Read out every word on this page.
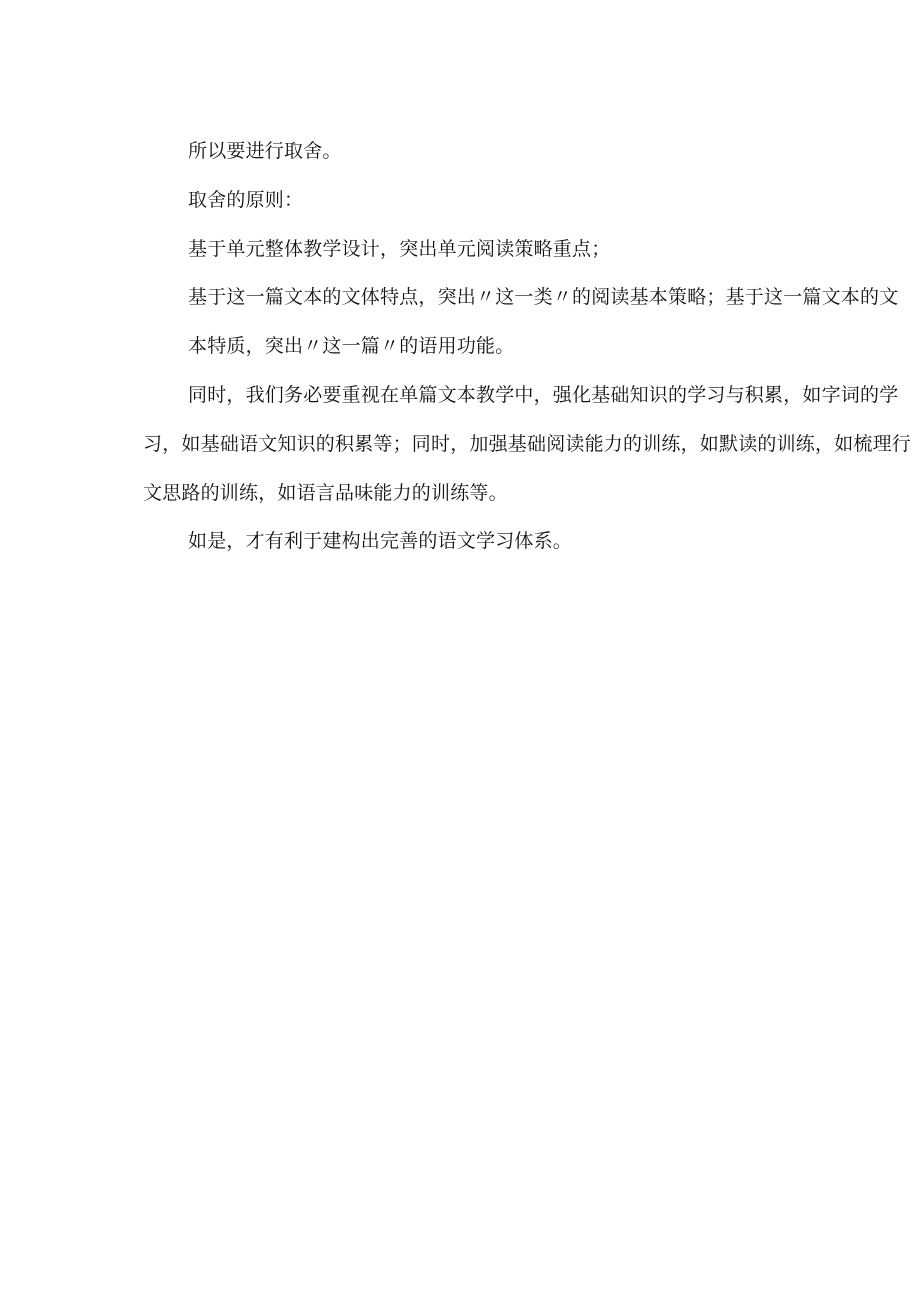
所以要进行取舍。

取舍的原则：

基于单元整体教学设计，突出单元阅读策略重点；

基于这一篇文本的文体特点，突出〃这一类〃的阅读基本策略；基于这一篇文本的文
本特质，突出〃这一篇〃的语用功能。

同时，我们务必要重视在单篇文本教学中，强化基础知识的学习与积累，如字词的学
习，如基础语文知识的积累等；同时，加强基础阅读能力的训练，如默读的训练，如梳理行
文思路的训练，如语言品味能力的训练等。

如是，才有利于建构出完善的语文学习体系。
